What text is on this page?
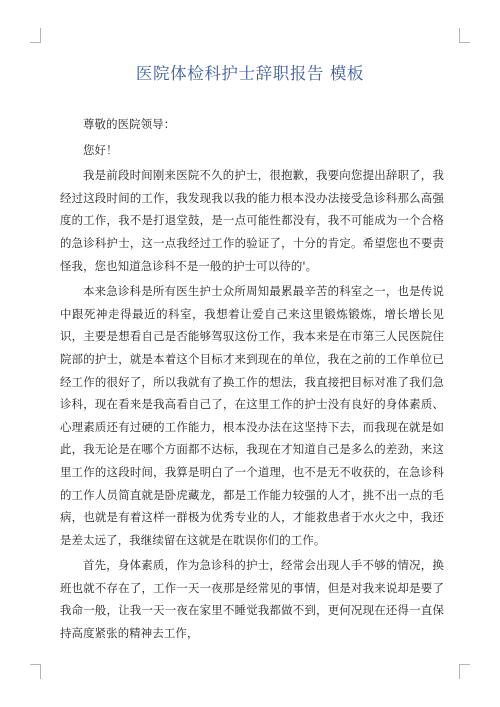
医院体检科护士辞职报告 模板

尊敬的医院领导：

您好！

我是前段时间刚来医院不久的护士，很抱歉，我要向您提出辞职了，我经过这段时间的工作，我发现我以我的能力根本没办法接受急诊科那么高强度的工作，我不是打退堂鼓，是一点可能性都没有，我不可能成为一个合格的急诊科护士，这一点我经过工作的验证了，十分的肯定。希望您也不要责怪我，您也知道急诊科不是一般的护士可以待的'。

本来急诊科是所有医生护士众所周知最累最辛苦的科室之一，也是传说中跟死神走得最近的科室，我想着让爱自己来这里锻炼锻炼，增长增长见识，主要是想看自己是否能够驾驭这份工作，我本来是在市第三人民医院住院部的护士，就是本着这个目标才来到现在的单位，我在之前的工作单位已经工作的很好了，所以我就有了换工作的想法，我直接把目标对准了我们急诊科，现在看来是我高看自己了，在这里工作的护士没有良好的身体素质、心理素质还有过硬的工作能力，根本没办法在这坚持下去，而我现在就是如此，我无论是在哪个方面都不达标，我现在才知道自己是多么的差劲，来这里工作的这段时间，我算是明白了一个道理，也不是无不收获的，在急诊科的工作人员简直就是卧虎藏龙，都是工作能力较强的人才，挑不出一点的毛病，也就是有着这样一群极为优秀专业的人，才能救患者于水火之中，我还是差太远了，我继续留在这就是在耽误你们的工作。

首先，身体素质，作为急诊科的护士，经常会出现人手不够的情况，换班也就不存在了，工作一天一夜那是经常见的事情，但是对我来说却是要了我命一般，让我一天一夜在家里不睡觉我都做不到，更何况现在还得一直保持高度紧张的精神去工作，
